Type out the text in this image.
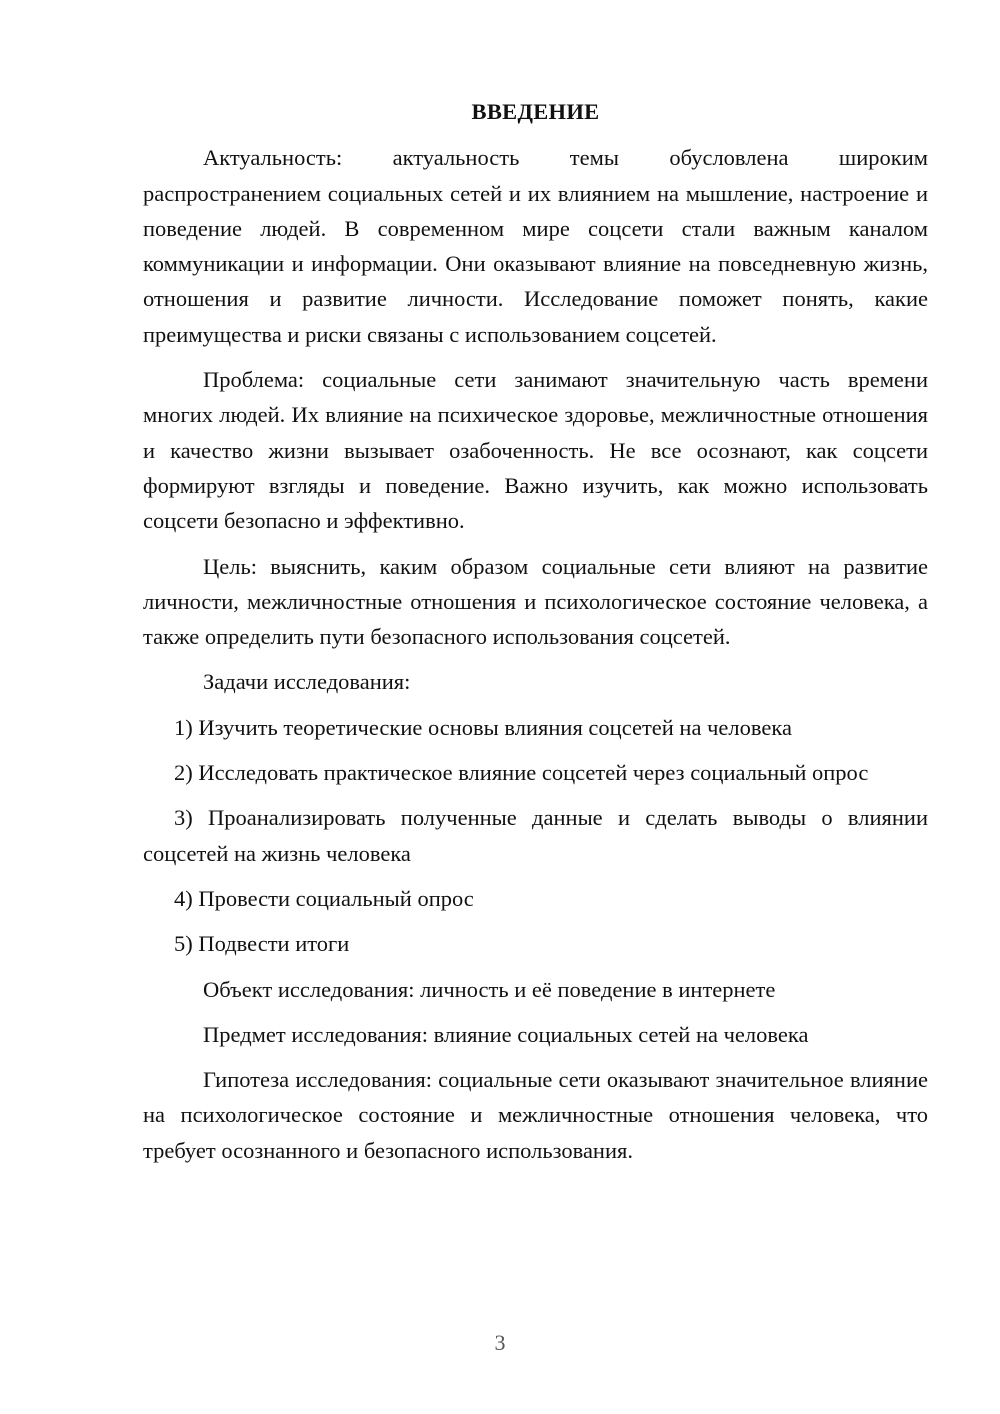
ВВЕДЕНИЕ

Актуальность: актуальность темы обусловлена широким распространением социальных сетей и их влиянием на мышление, настроение и поведение людей. В современном мире соцсети стали важным каналом коммуникации и информации. Они оказывают влияние на повседневную жизнь, отношения и развитие личности. Исследование поможет понять, какие преимущества и риски связаны с использованием соцсетей.

Проблема: социальные сети занимают значительную часть времени многих людей. Их влияние на психическое здоровье, межличностные отношения и качество жизни вызывает озабоченность. Не все осознают, как соцсети формируют взгляды и поведение. Важно изучить, как можно использовать соцсети безопасно и эффективно.

Цель: выяснить, каким образом социальные сети влияют на развитие личности, межличностные отношения и психологическое состояние человека, а также определить пути безопасного использования соцсетей.

Задачи исследования:

1) Изучить теоретические основы влияния соцсетей на человека

2) Исследовать практическое влияние соцсетей через социальный опрос

3) Проанализировать полученные данные и сделать выводы о влиянии соцсетей на жизнь человека

4) Провести социальный опрос

5) Подвести итоги

Объект исследования: личность и её поведение в интернете

Предмет исследования: влияние социальных сетей на человека

Гипотеза исследования: социальные сети оказывают значительное влияние на психологическое состояние и межличностные отношения человека, что требует осознанного и безопасного использования.

3
